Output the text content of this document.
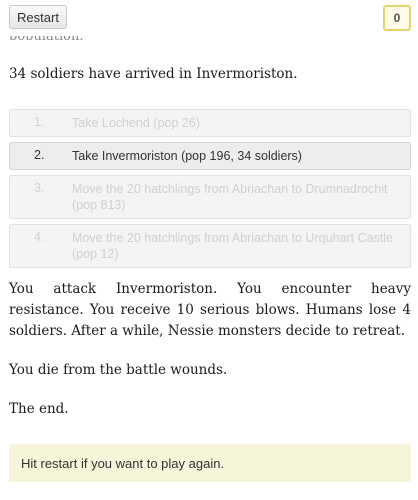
Restart	0

34 soldiers have arrived in Invermoriston.

1.	Take Lochend (pop 26)
2.	Take Invermoriston (pop 196, 34 soldiers)
3.	Move the 20 hatchlings from Abriachan to Drumnadrochit (pop 813)
4.	Move the 20 hatchlings from Abriachan to Urquhart Castle (pop 12)

You attack Invermoriston. You encounter heavy resistance. You receive 10 serious blows. Humans lose 4 soldiers. After a while, Nessie monsters decide to retreat.

You die from the battle wounds.

The end.

Hit restart if you want to play again.
